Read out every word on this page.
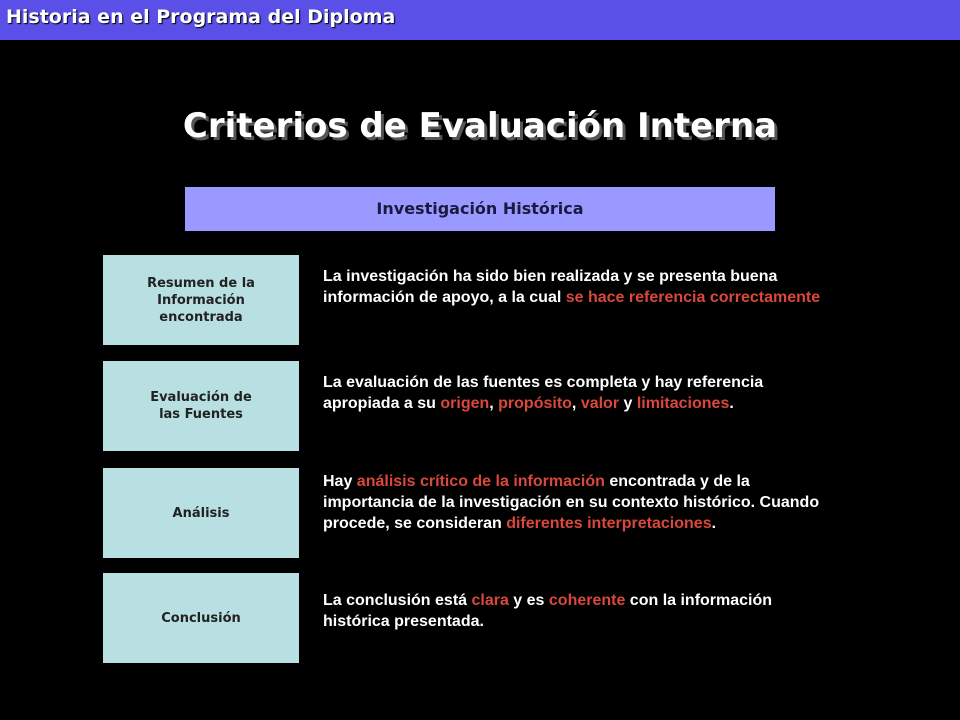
Historia en el Programa del Diploma
Criterios de Evaluación Interna
Investigación Histórica
Resumen de la
Información
encontrada
La investigación ha sido bien realizada y se presenta buena información de apoyo, a la cual se hace referencia correctamente
Evaluación de
las Fuentes
La evaluación de las fuentes es completa y hay referencia apropiada a su origen, propósito, valor y limitaciones.
Análisis
Hay análisis crítico de la información encontrada y de la importancia de la investigación en su contexto histórico. Cuando procede, se consideran diferentes interpretaciones.
Conclusión
La conclusión está clara y es coherente con la información histórica presentada.
